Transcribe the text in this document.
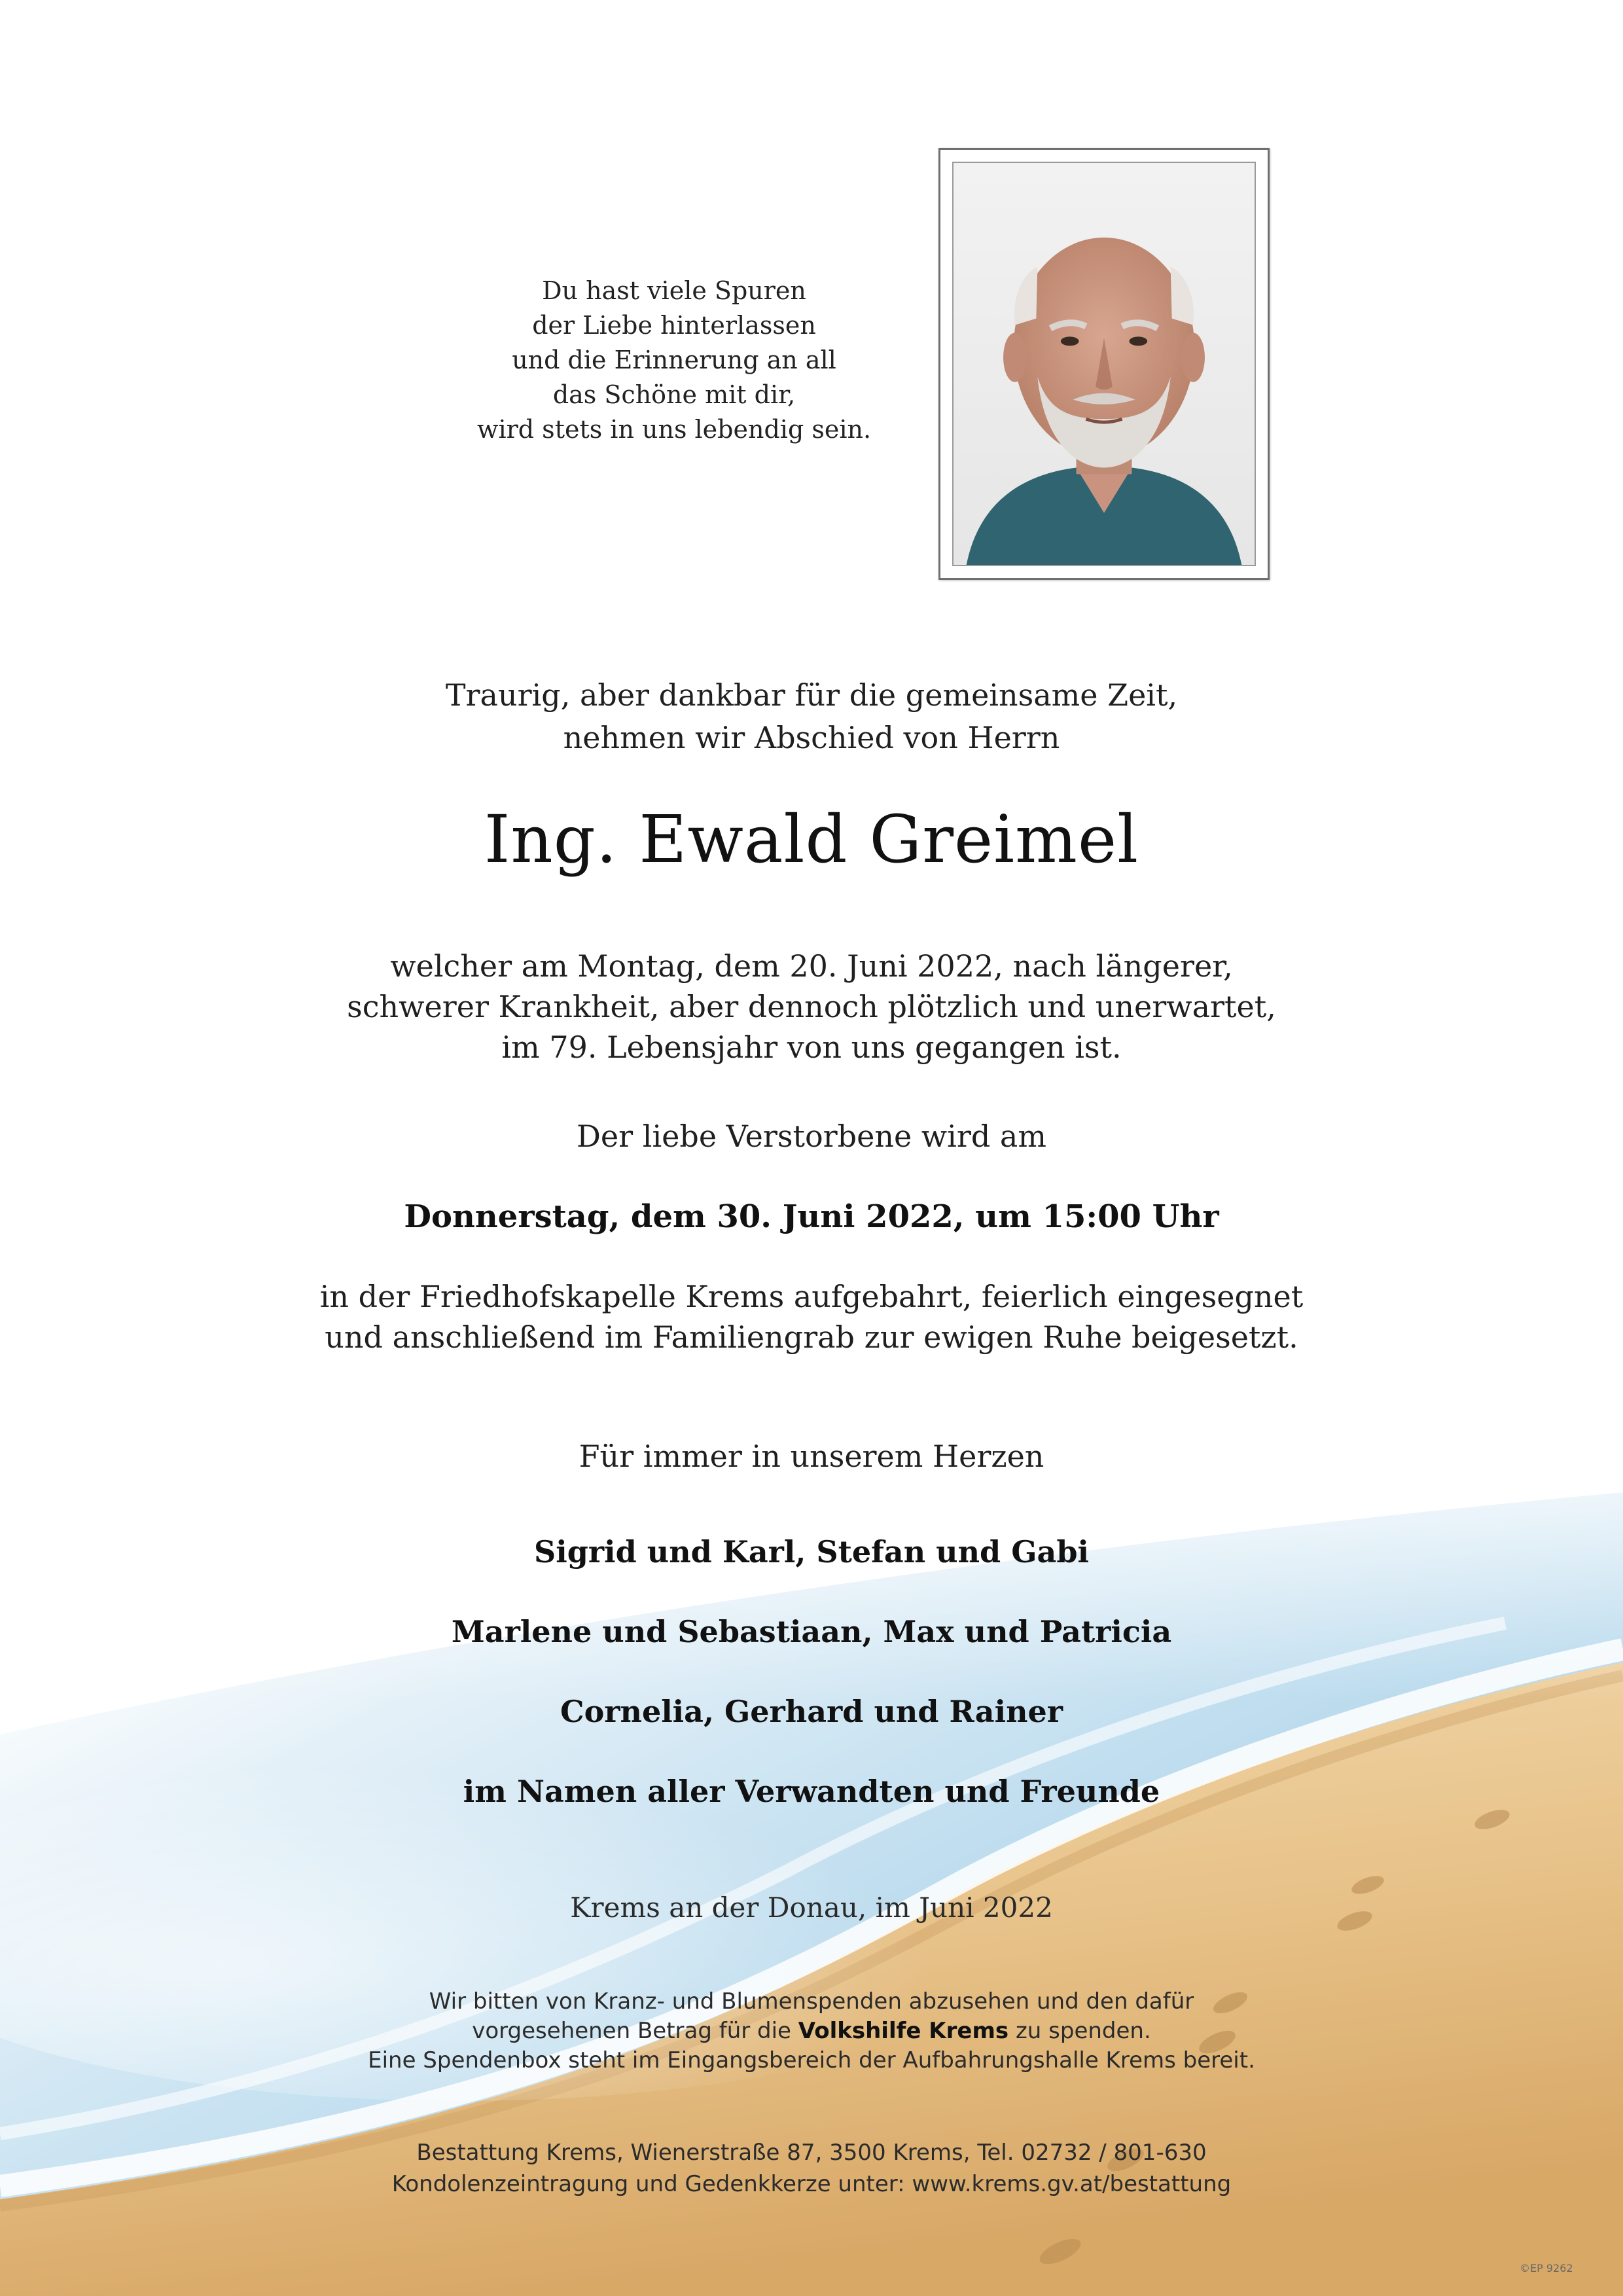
Du hast viele Spuren
der Liebe hinterlassen
und die Erinnerung an all
das Schöne mit dir,
wird stets in uns lebendig sein.
Traurig, aber dankbar für die gemeinsame Zeit,
nehmen wir Abschied von Herrn
Ing. Ewald Greimel
welcher am Montag, dem 20. Juni 2022, nach längerer,
schwerer Krankheit, aber dennoch plötzlich und unerwartet,
im 79. Lebensjahr von uns gegangen ist.
Der liebe Verstorbene wird am
Donnerstag, dem 30. Juni 2022, um 15:00 Uhr
in der Friedhofskapelle Krems aufgebahrt, feierlich eingesegnet
und anschließend im Familiengrab zur ewigen Ruhe beigesetzt.
Für immer in unserem Herzen
Sigrid und Karl, Stefan und Gabi
Marlene und Sebastiaan, Max und Patricia
Cornelia, Gerhard und Rainer
im Namen aller Verwandten und Freunde
Krems an der Donau, im Juni 2022
Wir bitten von Kranz- und Blumenspenden abzusehen und den dafür
vorgesehenen Betrag für die Volkshilfe Krems zu spenden.
Eine Spendenbox steht im Eingangsbereich der Aufbahrungshalle Krems bereit.
Bestattung Krems, Wienerstraße 87, 3500 Krems, Tel. 02732 / 801-630
Kondolenzeintragung und Gedenkkerze unter: www.krems.gv.at/bestattung
©EP 9262
